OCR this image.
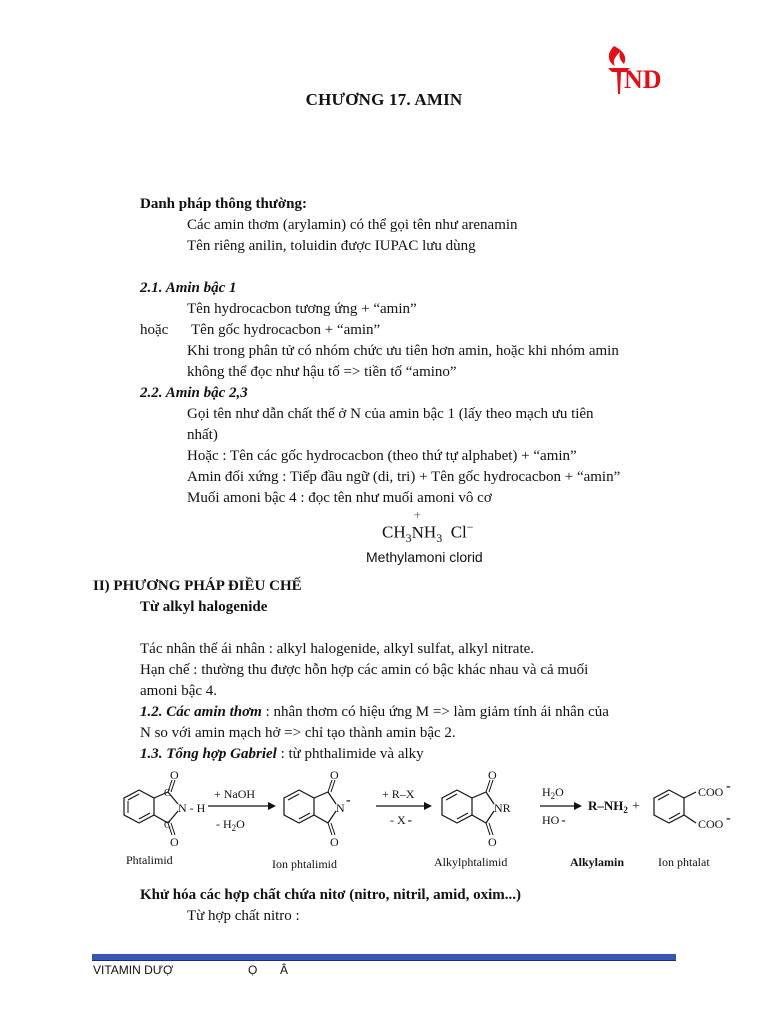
ND
CHƯƠNG 17. AMIN
Danh pháp thông thường:
Các amin thơm (arylamin) có thể gọi tên như arenamin
Tên riêng anilin, toluidin được IUPAC lưu dùng
2.1. Amin bậc 1
Tên hydrocacbon tương ứng + “amin”
hoặc Tên gốc hydrocacbon + “amin”
Khi trong phân tử có nhóm chức ưu tiên hơn amin, hoặc khi nhóm amin
không thể đọc như hậu tố => tiền tố “amino”
2.2. Amin bậc 2,3
Gọi tên như dẫn chất thế ở N của amin bậc 1 (lấy theo mạch ưu tiên
nhất)
Hoặc : Tên các gốc hydrocacbon (theo thứ tự alphabet) + “amin”
Amin đối xứng : Tiếp đầu ngữ (di, tri) + Tên gốc hydrocacbon + “amin”
Muối amoni bậc 4 : đọc tên như muối amoni vô cơ
$CH_3$
+
$NH_3$ Cl−
Methylamoni clorid
II) PHƯƠNG PHÁP ĐIỀU CHẾ
Từ alkyl halogenide
Tác nhân thế ái nhân : alkyl halogenide, alkyl sulfat, alkyl nitrate.
Hạn chế : thường thu được hỗn hợp các amin có bậc khác nhau và cả muối
amoni bậc 4.
1.2. Các amin thơm : nhân thơm có hiệu ứng M => làm giảm tính ái nhân của
N so với amin mạch hở => chỉ tạo thành amin bậc 2.
1.3. Tổng hợp Gabriel : từ phthalimide và alky
O
O
C
C
N - H
+ NaOH
- $H_2O$
O
O
N -	+ R–X
- X -
O
O
NR
$H_2O$
HO -
$R-NH_2$ +
COO -
COO -
Phtalimid	Ion phtalimid	Alkylphtalimid	Alkylamin	Ion phtalat
Khử hóa các hợp chất chứa nitơ (nitro, nitril, amid, oxim...)
Từ hợp chất nitro :
VITAMIN DƯỢ	Ọ Â
